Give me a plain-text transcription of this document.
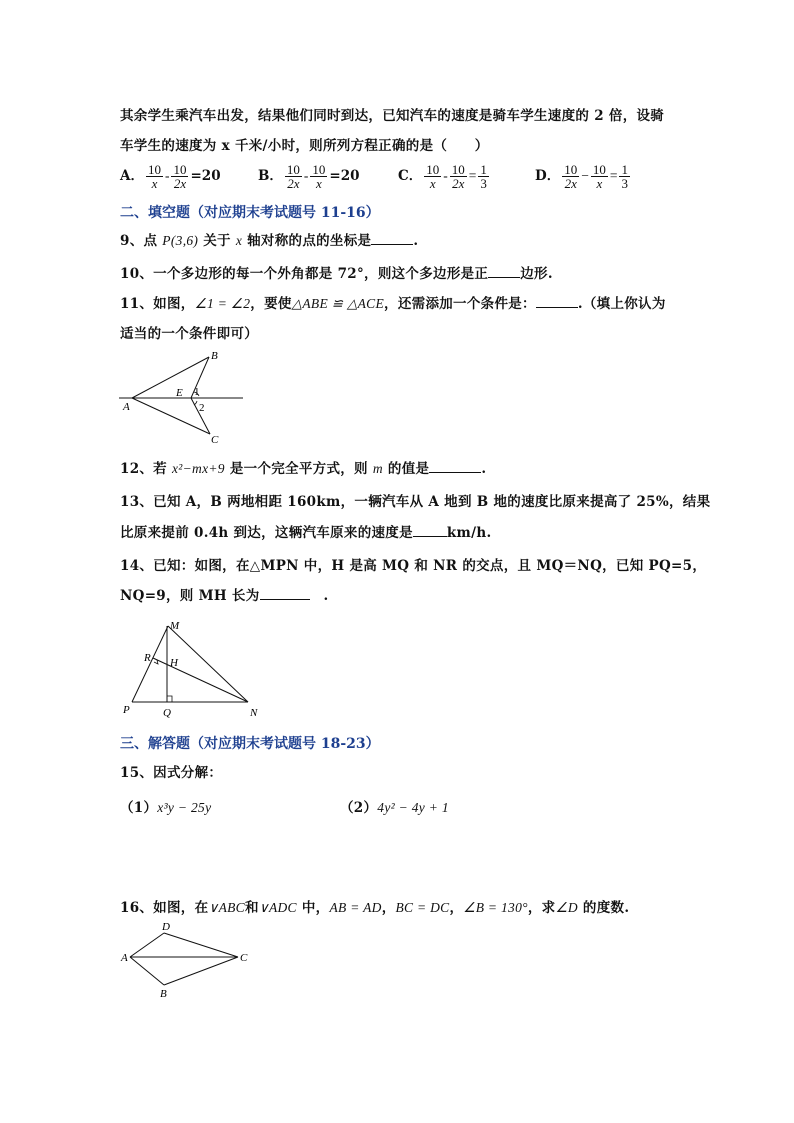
其余学生乘汽车出发，结果他们同时到达，已知汽车的速度是骑车学生速度的 2 倍，设骑
车学生的速度为 x 千米/小时，则所列方程正确的是（　　）
A． $\frac{10}{x} - \frac{10}{2x} =20$	B． $\frac{10}{2x} - \frac{10}{x} =20$	C． $\frac{10}{x} - \frac{10}{2x} = \frac{1}{3}$	D． $\frac{10}{2x} - \frac{10}{x} = \frac{1}{3}$
二、填空题（对应期末考试题号 11-16）
9、点 P(3,6) 关于 x 轴对称的点的坐标是	.
10、一个多边形的每一个外角都是 72°，则这个多边形是正 边形.
11、如图，∠1 = ∠2，要使△ABE ≌ △ACE，还需添加一个条件是：	.（填上你认为
适当的一个条件即可）
B
A
E 1
2
C
12、若 x²−mx+9 是一个完全平方式，则 m 的值是	.
13、已知 A，B 两地相距 160km，一辆汽车从 A 地到 B 地的速度比原来提高了 25%，结果
比原来提前 0.4h 到达，这辆汽车原来的速度是	km/h.
14、已知：如图，在△MPN 中，H 是高 MQ 和 NR 的交点，且 MQ＝NQ，已知 PQ=5，
NQ=9，则 MH 长为	.
M
R H
P	Q	N
三、解答题（对应期末考试题号 18-23）
15、因式分解：
（1）x³y − 25y	（2）4y² − 4y + 1
16、如图，在∨ABC和∨ADC 中，AB = AD，BC = DC，∠B = 130°，求∠D 的度数.
D
A	C
B
